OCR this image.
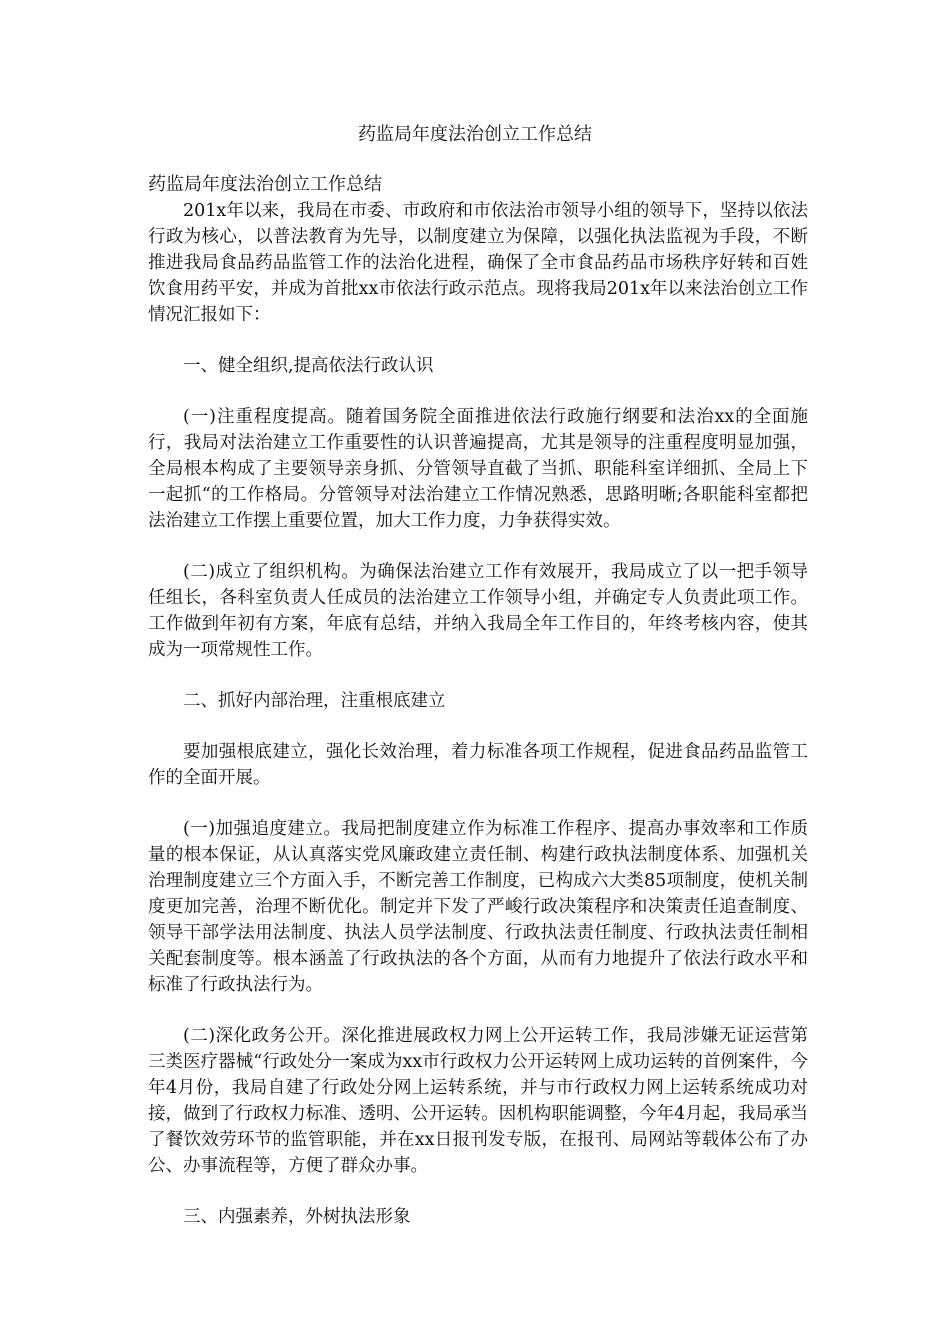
药监局年度法治创立工作总结

药监局年度法治创立工作总结

201x年以来，我局在市委、市政府和市依法治市领导小组的领导下，坚持以依法行政为核心，以普法教育为先导，以制度建立为保障，以强化执法监视为手段，不断推进我局食品药品监管工作的法治化进程，确保了全市食品药品市场秩序好转和百姓饮食用药平安，并成为首批xx市依法行政示范点。现将我局201x年以来法治创立工作情况汇报如下：

一、健全组织,提高依法行政认识

(一)注重程度提高。随着国务院全面推进依法行政施行纲要和法治xx的全面施行，我局对法治建立工作重要性的认识普遍提高，尤其是领导的注重程度明显加强，全局根本构成了主要领导亲身抓、分管领导直截了当抓、职能科室详细抓、全局上下一起抓“的工作格局。分管领导对法治建立工作情况熟悉，思路明晰;各职能科室都把法治建立工作摆上重要位置，加大工作力度，力争获得实效。

(二)成立了组织机构。为确保法治建立工作有效展开，我局成立了以一把手领导任组长，各科室负责人任成员的法治建立工作领导小组，并确定专人负责此项工作。工作做到年初有方案，年底有总结，并纳入我局全年工作目的，年终考核内容，使其成为一项常规性工作。

二、抓好内部治理，注重根底建立

要加强根底建立，强化长效治理，着力标准各项工作规程，促进食品药品监管工作的全面开展。

(一)加强追度建立。我局把制度建立作为标准工作程序、提高办事效率和工作质量的根本保证，从认真落实党风廉政建立责任制、构建行政执法制度体系、加强机关治理制度建立三个方面入手，不断完善工作制度，已构成六大类85项制度，使机关制度更加完善，治理不断优化。制定并下发了严峻行政决策程序和决策责任追查制度、领导干部学法用法制度、执法人员学法制度、行政执法责任制度、行政执法责任制相关配套制度等。根本涵盖了行政执法的各个方面，从而有力地提升了依法行政水平和标准了行政执法行为。

(二)深化政务公开。深化推进展政权力网上公开运转工作，我局涉嫌无证运营第三类医疗器械“行政处分一案成为xx市行政权力公开运转网上成功运转的首例案件，今年4月份，我局自建了行政处分网上运转系统，并与市行政权力网上运转系统成功对接，做到了行政权力标准、透明、公开运转。因机构职能调整，今年4月起，我局承当了餐饮效劳环节的监管职能，并在xx日报刊发专版，在报刊、局网站等载体公布了办公、办事流程等，方便了群众办事。

三、内强素养，外树执法形象
